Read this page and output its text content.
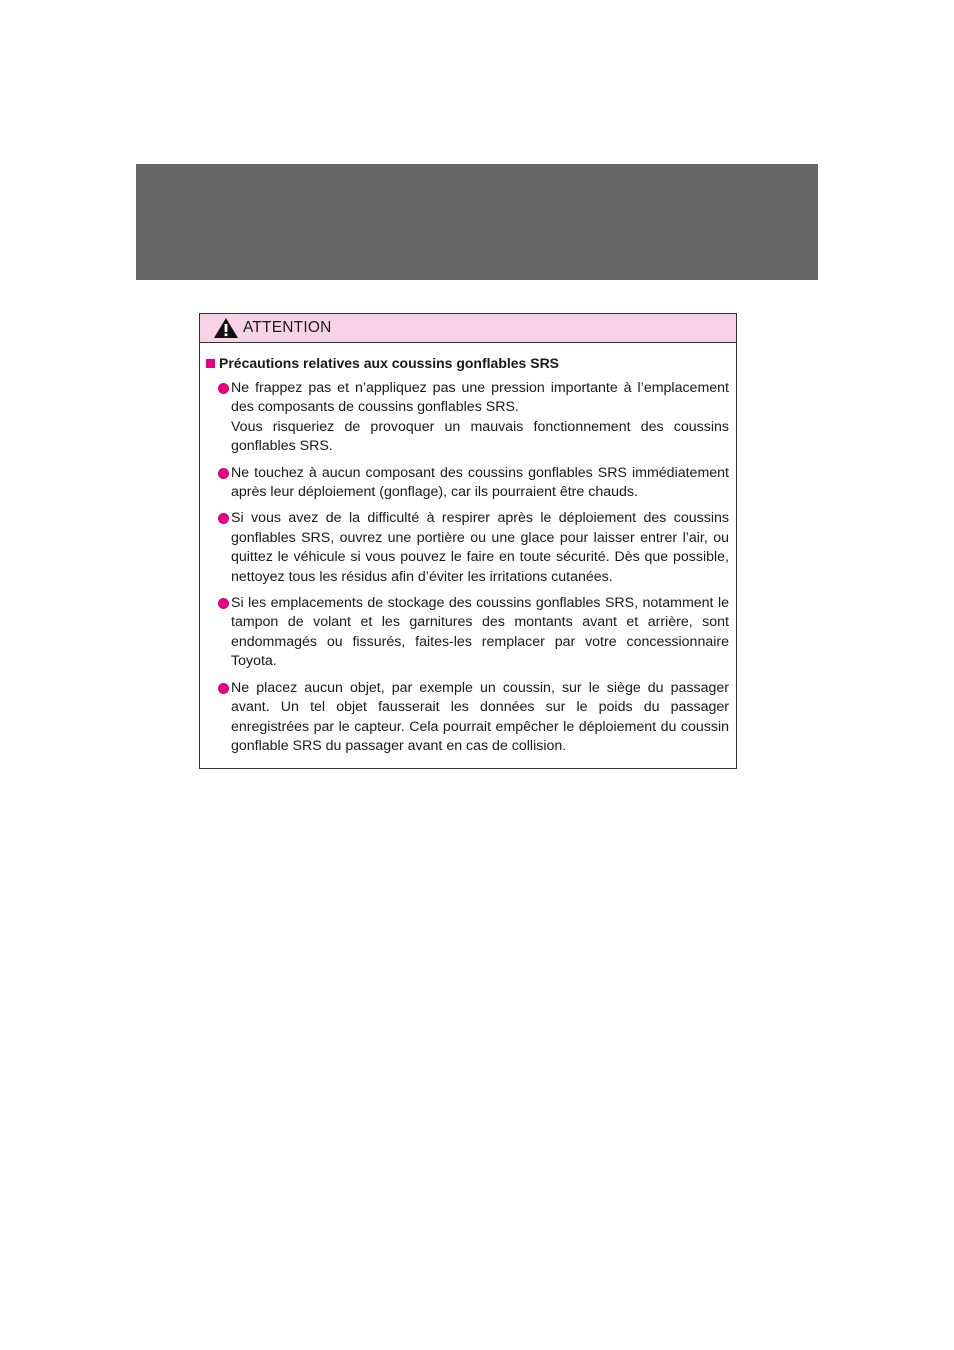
ATTENTION
Précautions relatives aux coussins gonflables SRS

Ne frappez pas et n’appliquez pas une pression importante à l’emplacement des composants de coussins gonflables SRS.

Vous risqueriez de provoquer un mauvais fonctionnement des coussins gonflables SRS.

Ne touchez à aucun composant des coussins gonflables SRS immédiatement après leur déploiement (gonflage), car ils pourraient être chauds.

Si vous avez de la difficulté à respirer après le déploiement des coussins gonflables SRS, ouvrez une portière ou une glace pour laisser entrer l’air, ou quittez le véhicule si vous pouvez le faire en toute sécurité. Dès que possible, nettoyez tous les résidus afin d’éviter les irritations cutanées.

Si les emplacements de stockage des coussins gonflables SRS, notamment le tampon de volant et les garnitures des montants avant et arrière, sont endommagés ou fissurés, faites-les remplacer par votre concessionnaire Toyota.

Ne placez aucun objet, par exemple un coussin, sur le siège du passager avant. Un tel objet fausserait les données sur le poids du passager enregistrées par le capteur. Cela pourrait empêcher le déploiement du coussin gonflable SRS du passager avant en cas de collision.
